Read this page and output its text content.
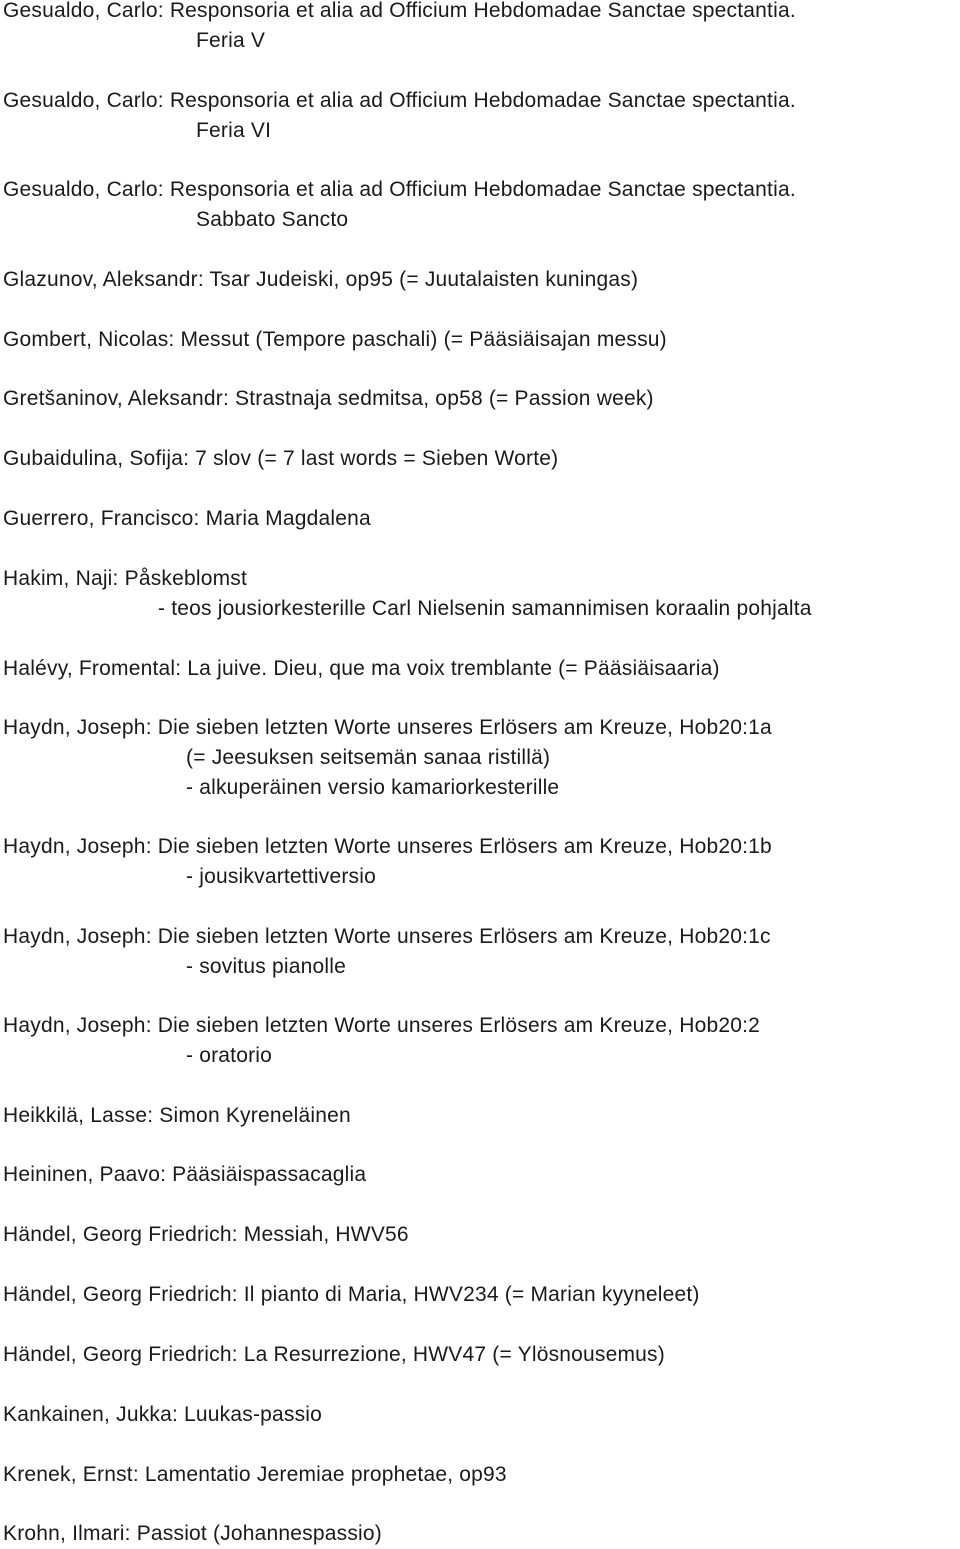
Gesualdo, Carlo: Responsoria et alia ad Officium Hebdomadae Sanctae spectantia.

Feria V

Gesualdo, Carlo: Responsoria et alia ad Officium Hebdomadae Sanctae spectantia.

Feria VI

Gesualdo, Carlo: Responsoria et alia ad Officium Hebdomadae Sanctae spectantia.

Sabbato Sancto

Glazunov, Aleksandr: Tsar Judeiski, op95 (= Juutalaisten kuningas)

Gombert, Nicolas: Messut (Tempore paschali) (= Pääsiäisajan messu)

Gretšaninov, Aleksandr: Strastnaja sedmitsa, op58 (= Passion week)

Gubaidulina, Sofija: 7 slov (= 7 last words = Sieben Worte)

Guerrero, Francisco: Maria Magdalena

Hakim, Naji: Påskeblomst

- teos jousiorkesterille Carl Nielsenin samannimisen koraalin pohjalta

Halévy, Fromental: La juive. Dieu, que ma voix tremblante (= Pääsiäisaaria)

Haydn, Joseph: Die sieben letzten Worte unseres Erlösers am Kreuze, Hob20:1a

(= Jeesuksen seitsemän sanaa ristillä)

- alkuperäinen versio kamariorkesterille

Haydn, Joseph: Die sieben letzten Worte unseres Erlösers am Kreuze, Hob20:1b

- jousikvartettiversio

Haydn, Joseph: Die sieben letzten Worte unseres Erlösers am Kreuze, Hob20:1c

- sovitus pianolle

Haydn, Joseph: Die sieben letzten Worte unseres Erlösers am Kreuze, Hob20:2

- oratorio

Heikkilä, Lasse: Simon Kyreneläinen

Heininen, Paavo: Pääsiäispassacaglia

Händel, Georg Friedrich: Messiah, HWV56

Händel, Georg Friedrich: Il pianto di Maria, HWV234 (= Marian kyyneleet)

Händel, Georg Friedrich: La Resurrezione, HWV47 (= Ylösnousemus)

Kankainen, Jukka: Luukas-passio

Krenek, Ernst: Lamentatio Jeremiae prophetae, op93

Krohn, Ilmari: Passiot (Johannespassio)
